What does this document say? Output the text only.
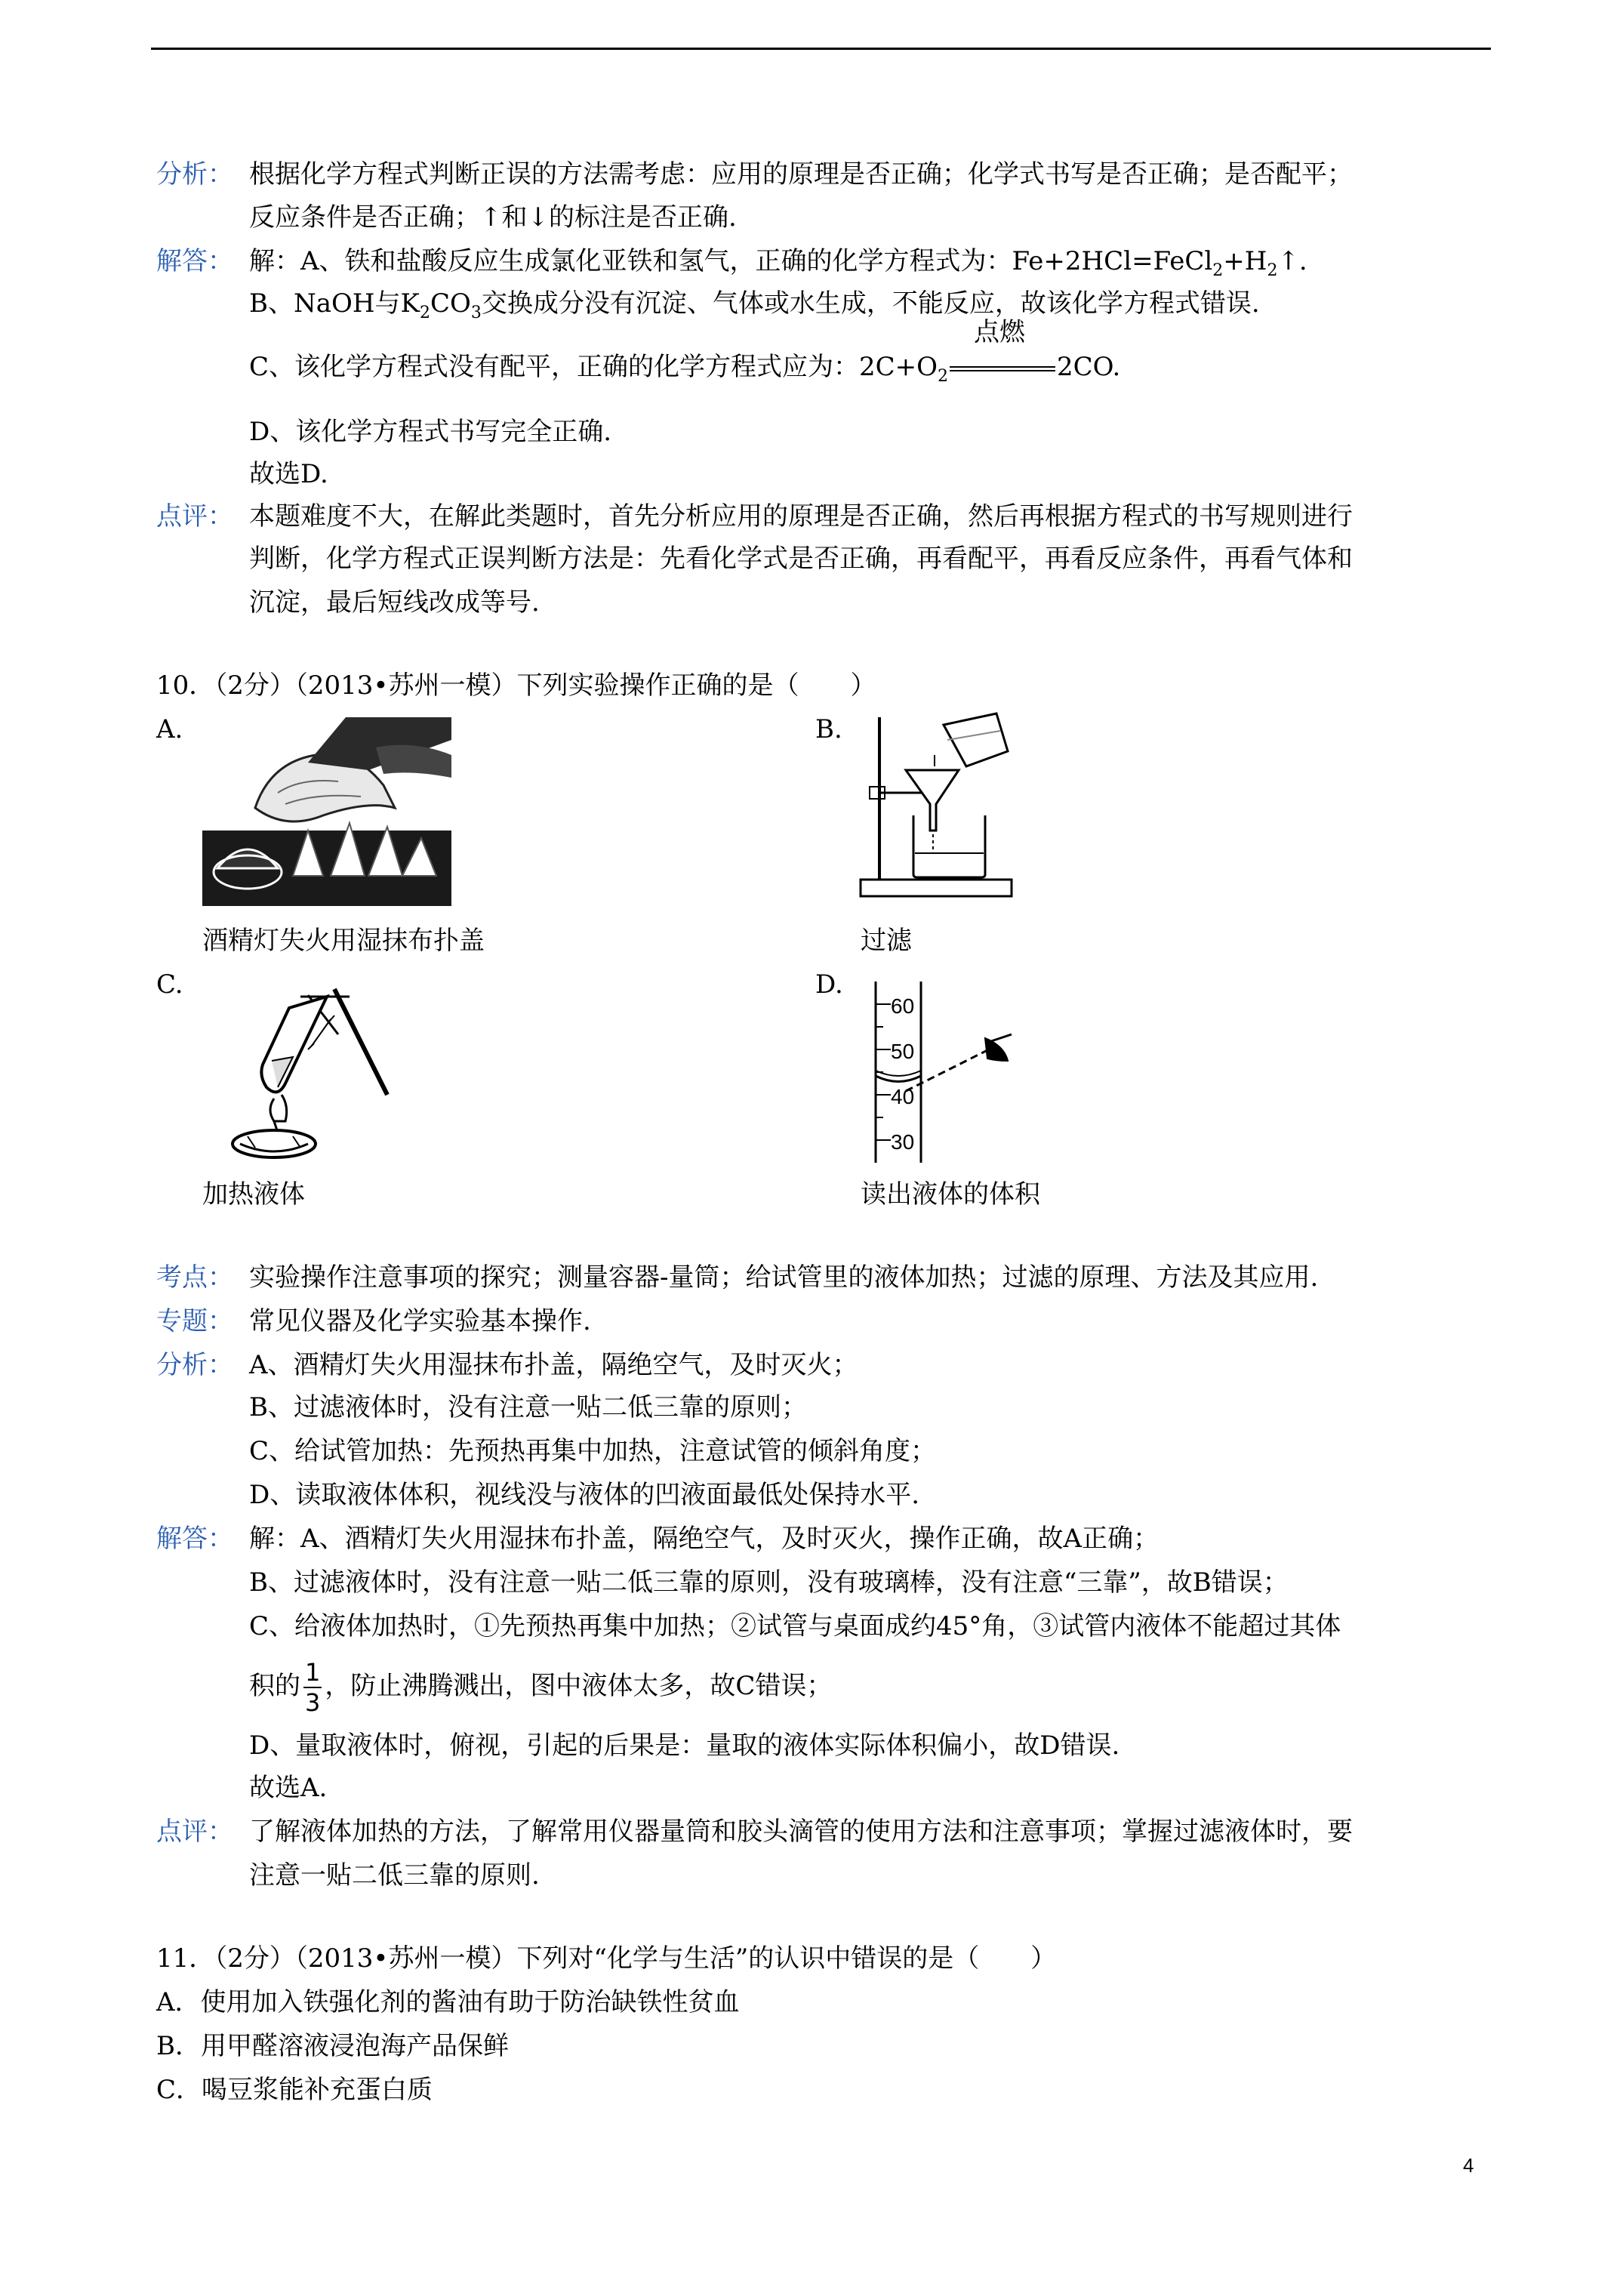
分析： 根据化学方程式判断正误的方法需考虑：应用的原理是否正确；化学式书写是否正确；是否配平；
反应条件是否正确；↑和↓的标注是否正确.
解答： 解：A、铁和盐酸反应生成氯化亚铁和氢气，正确的化学方程式为：$Fe+2HCl=FeCl_2+H_2↑$.
B、NaOH与$K_2CO_3$交换成分没有沉淀、气体或水生成，不能反应，故该化学方程式错误.
C、该化学方程式没有配平，正确的化学方程式应为：$2C+O_2$
点燃
2CO.
D、该化学方程式书写完全正确.
故选D.
点评： 本题难度不大，在解此类题时，首先分析应用的原理是否正确，然后再根据方程式的书写规则进行
判断，化学方程式正误判断方法是：先看化学式是否正确，再看配平，再看反应条件，再看气体和
沉淀，最后短线改成等号.
10．（2分）（2013•苏州一模）下列实验操作正确的是（　　）
A.	B.
酒精灯失火用湿抹布扑盖	过滤
C.	D.
60
50
40
30
加热液体	读出液体的体积
考点： 实验操作注意事项的探究；测量容器-量筒；给试管里的液体加热；过滤的原理、方法及其应用.
专题： 常见仪器及化学实验基本操作.
分析： A、酒精灯失火用湿抹布扑盖，隔绝空气，及时灭火；
B、过滤液体时，没有注意一贴二低三靠的原则；
C、给试管加热：先预热再集中加热，注意试管的倾斜角度；
D、读取液体体积，视线没与液体的凹液面最低处保持水平.
解答： 解：A、酒精灯失火用湿抹布扑盖，隔绝空气，及时灭火，操作正确，故A正确；
B、过滤液体时，没有注意一贴二低三靠的原则，没有玻璃棒，没有注意“三靠”，故B错误；
C、给液体加热时，①先预热再集中加热；②试管与桌面成约45°角，③试管内液体不能超过其体
积的 $\frac{1}{3}$ ，防止沸腾溅出，图中液体太多，故C错误；
D、量取液体时，俯视，引起的后果是：量取的液体实际体积偏小，故D错误.
故选A.
点评： 了解液体加热的方法，了解常用仪器量筒和胶头滴管的使用方法和注意事项；掌握过滤液体时，要
注意一贴二低三靠的原则.
11．（2分）（2013•苏州一模）下列对“化学与生活”的认识中错误的是（　　）
A．使用加入铁强化剂的酱油有助于防治缺铁性贫血
B．用甲醛溶液浸泡海产品保鲜
C．喝豆浆能补充蛋白质
4
